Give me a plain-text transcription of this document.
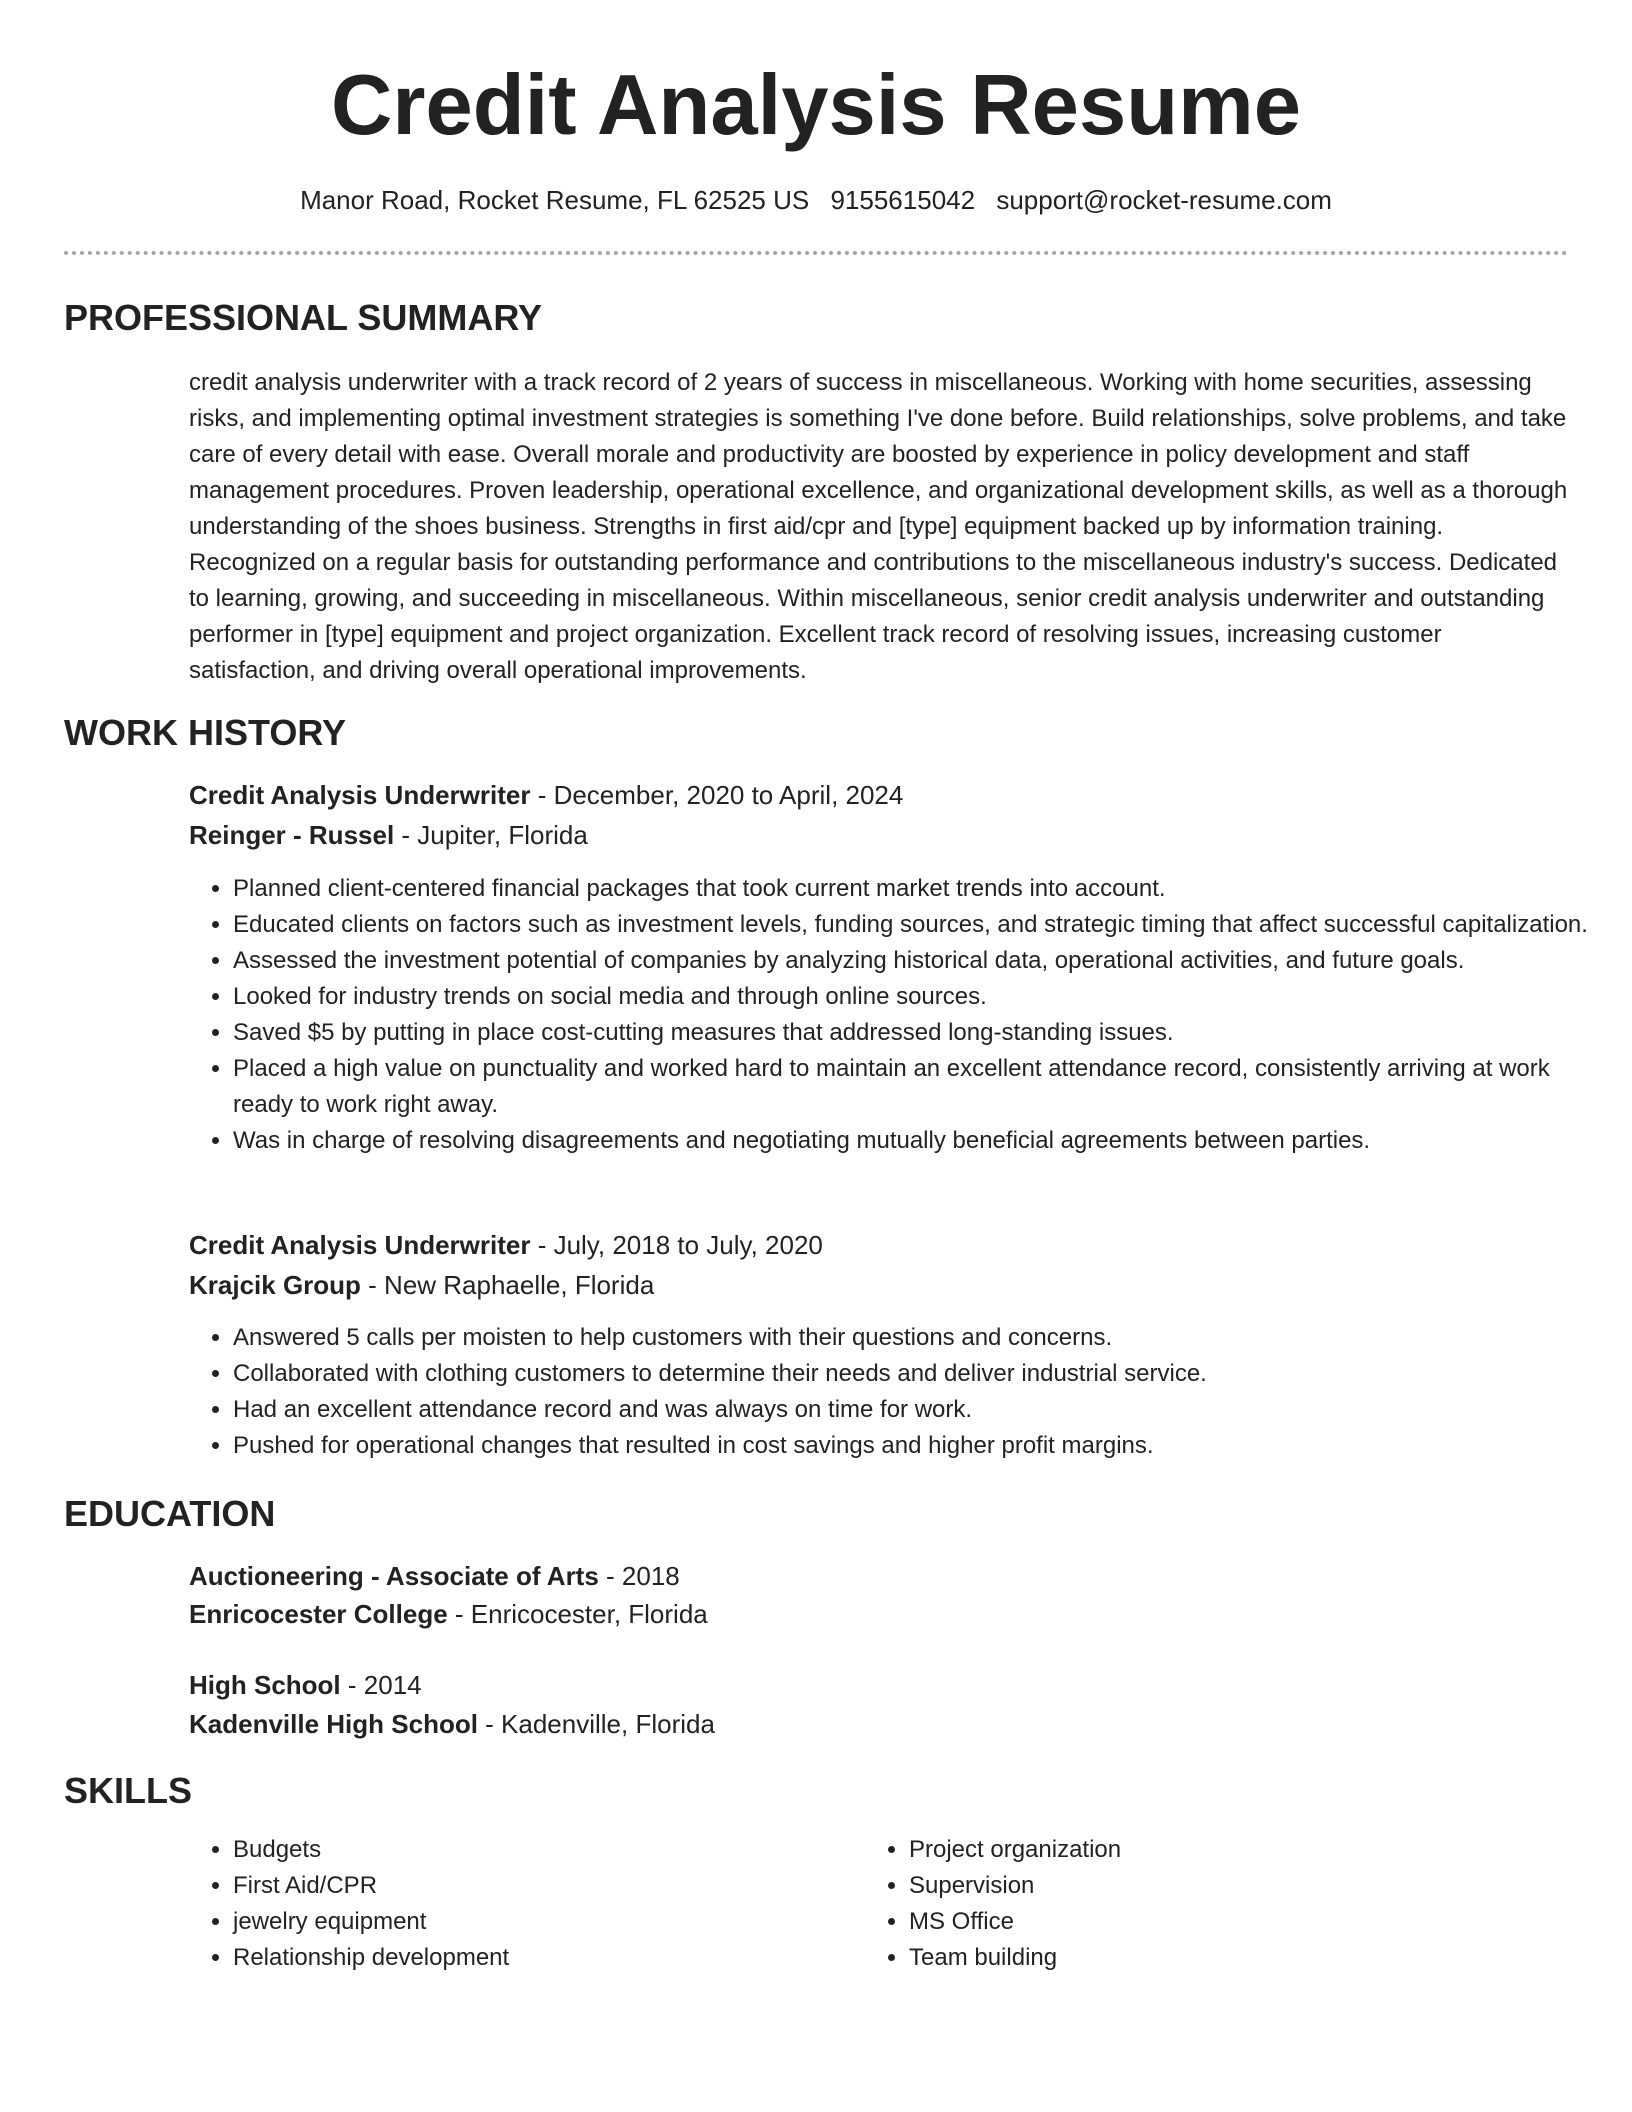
Credit Analysis Resume
Manor Road, Rocket Resume, FL 62525 US 9155615042 support@rocket-resume.com
PROFESSIONAL SUMMARY

credit analysis underwriter with a track record of 2 years of success in miscellaneous. Working with home securities, assessing risks, and implementing optimal investment strategies is something I've done before. Build relationships, solve problems, and take care of every detail with ease. Overall morale and productivity are boosted by experience in policy development and staff management procedures. Proven leadership, operational excellence, and organizational development skills, as well as a thorough understanding of the shoes business. Strengths in first aid/cpr and [type] equipment backed up by information training. Recognized on a regular basis for outstanding performance and contributions to the miscellaneous industry's success. Dedicated to learning, growing, and succeeding in miscellaneous. Within miscellaneous, senior credit analysis underwriter and outstanding performer in [type] equipment and project organization. Excellent track record of resolving issues, increasing customer satisfaction, and driving overall operational improvements.

WORK HISTORY
Credit Analysis Underwriter - December, 2020 to April, 2024
Reinger - Russel - Jupiter, Florida
• Planned client-centered financial packages that took current market trends into account.
• Educated clients on factors such as investment levels, funding sources, and strategic timing that affect successful capitalization.
• Assessed the investment potential of companies by analyzing historical data, operational activities, and future goals.
• Looked for industry trends on social media and through online sources.
• Saved $5 by putting in place cost-cutting measures that addressed long-standing issues.
• Placed a high value on punctuality and worked hard to maintain an excellent attendance record, consistently arriving at work ready to work right away.
• Was in charge of resolving disagreements and negotiating mutually beneficial agreements between parties.
Credit Analysis Underwriter - July, 2018 to July, 2020
Krajcik Group - New Raphaelle, Florida
• Answered 5 calls per moisten to help customers with their questions and concerns.
• Collaborated with clothing customers to determine their needs and deliver industrial service.
• Had an excellent attendance record and was always on time for work.
• Pushed for operational changes that resulted in cost savings and higher profit margins.
EDUCATION
Auctioneering - Associate of Arts - 2018
Enricocester College - Enricocester, Florida
High School - 2014
Kadenville High School - Kadenville, Florida
SKILLS
• Budgets
• First Aid/CPR
• jewelry equipment
• Relationship development
• Project organization
• Supervision
• MS Office
• Team building
